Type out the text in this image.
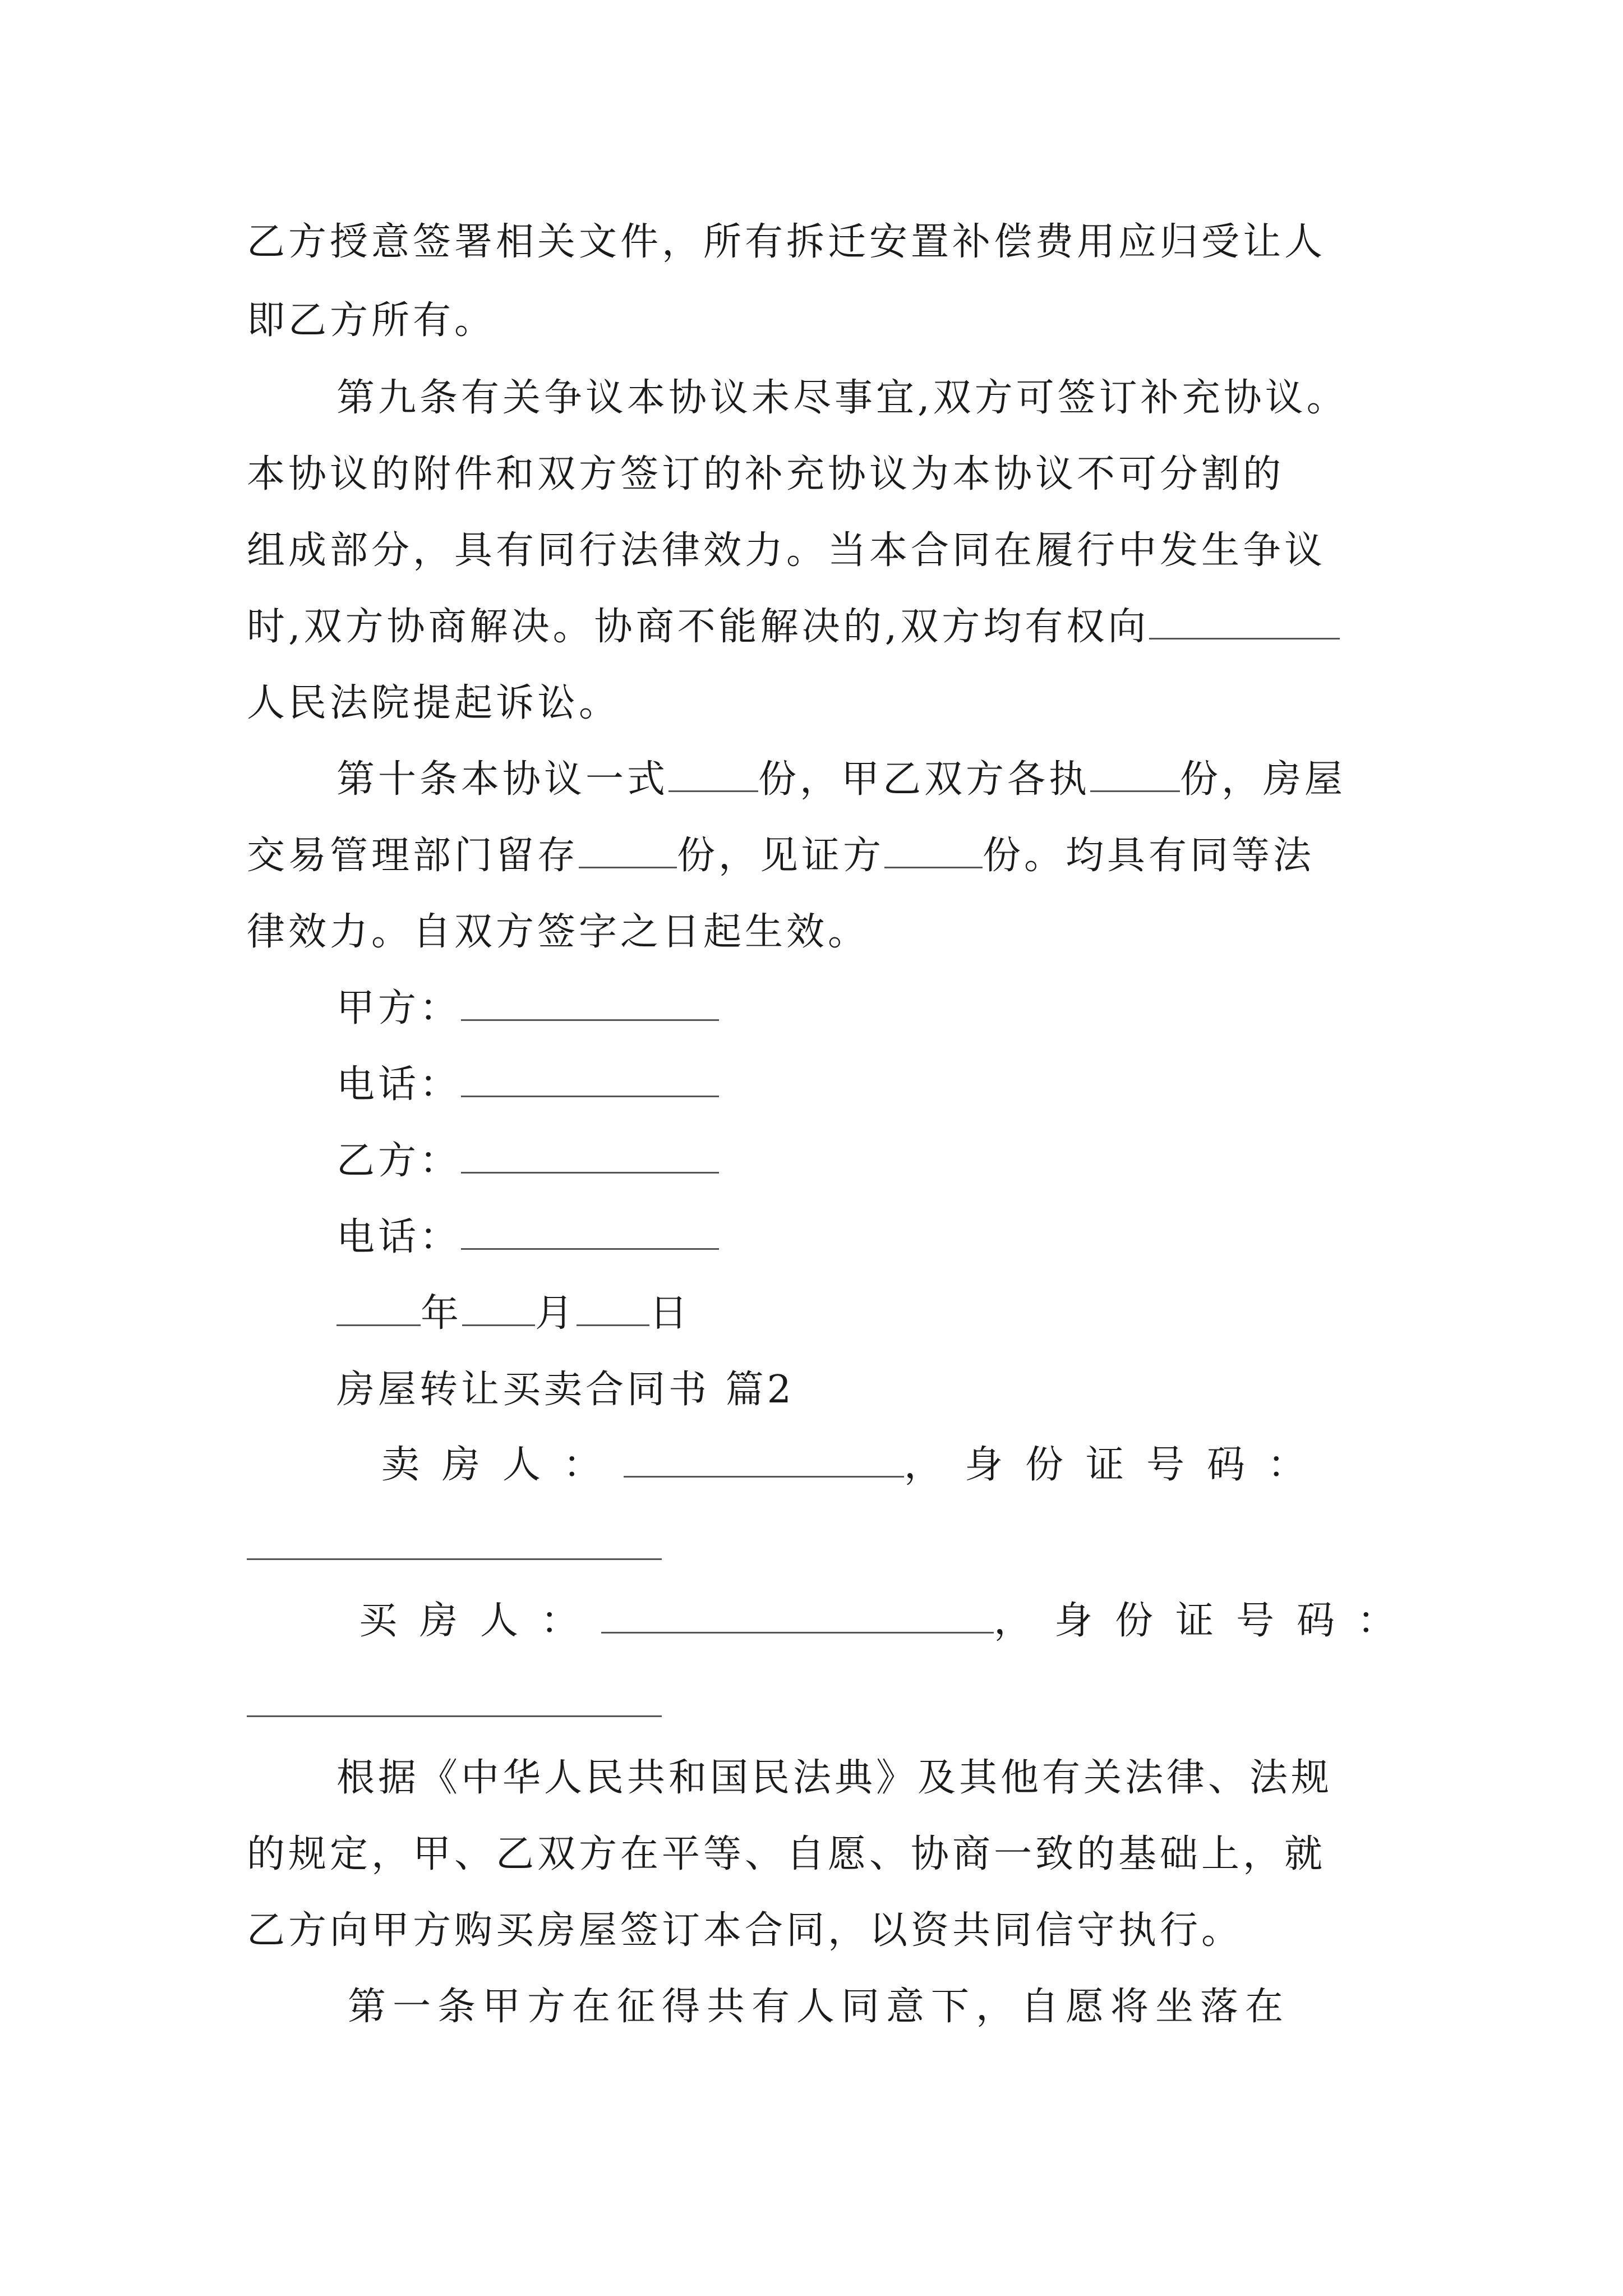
乙方授意签署相关文件，所有拆迁安置补偿费用应归受让人

即乙方所有。

第九条有关争议本协议未尽事宜,双方可签订补充协议。

本协议的附件和双方签订的补充协议为本协议不可分割的

组成部分，具有同行法律效力。当本合同在履行中发生争议

时,双方协商解决。协商不能解决的,双方均有权向

人民法院提起诉讼。

第十条本协议一式 份，甲乙双方各执 份，房屋

交易管理部门留存	份，见证方	份。均具有同等法

律效力。自双方签字之日起生效。

甲方：

电话：

乙方：

电话：

年 月 日

房屋转让买卖合同书 篇2

卖房人：	，身份证号码：

买房人：	，身份证号码：

根据《中华人民共和国民法典》及其他有关法律、法规

的规定，甲、乙双方在平等、自愿、协商一致的基础上，就

乙方向甲方购买房屋签订本合同，以资共同信守执行。

第一条甲方在征得共有人同意下，自愿将坐落在
